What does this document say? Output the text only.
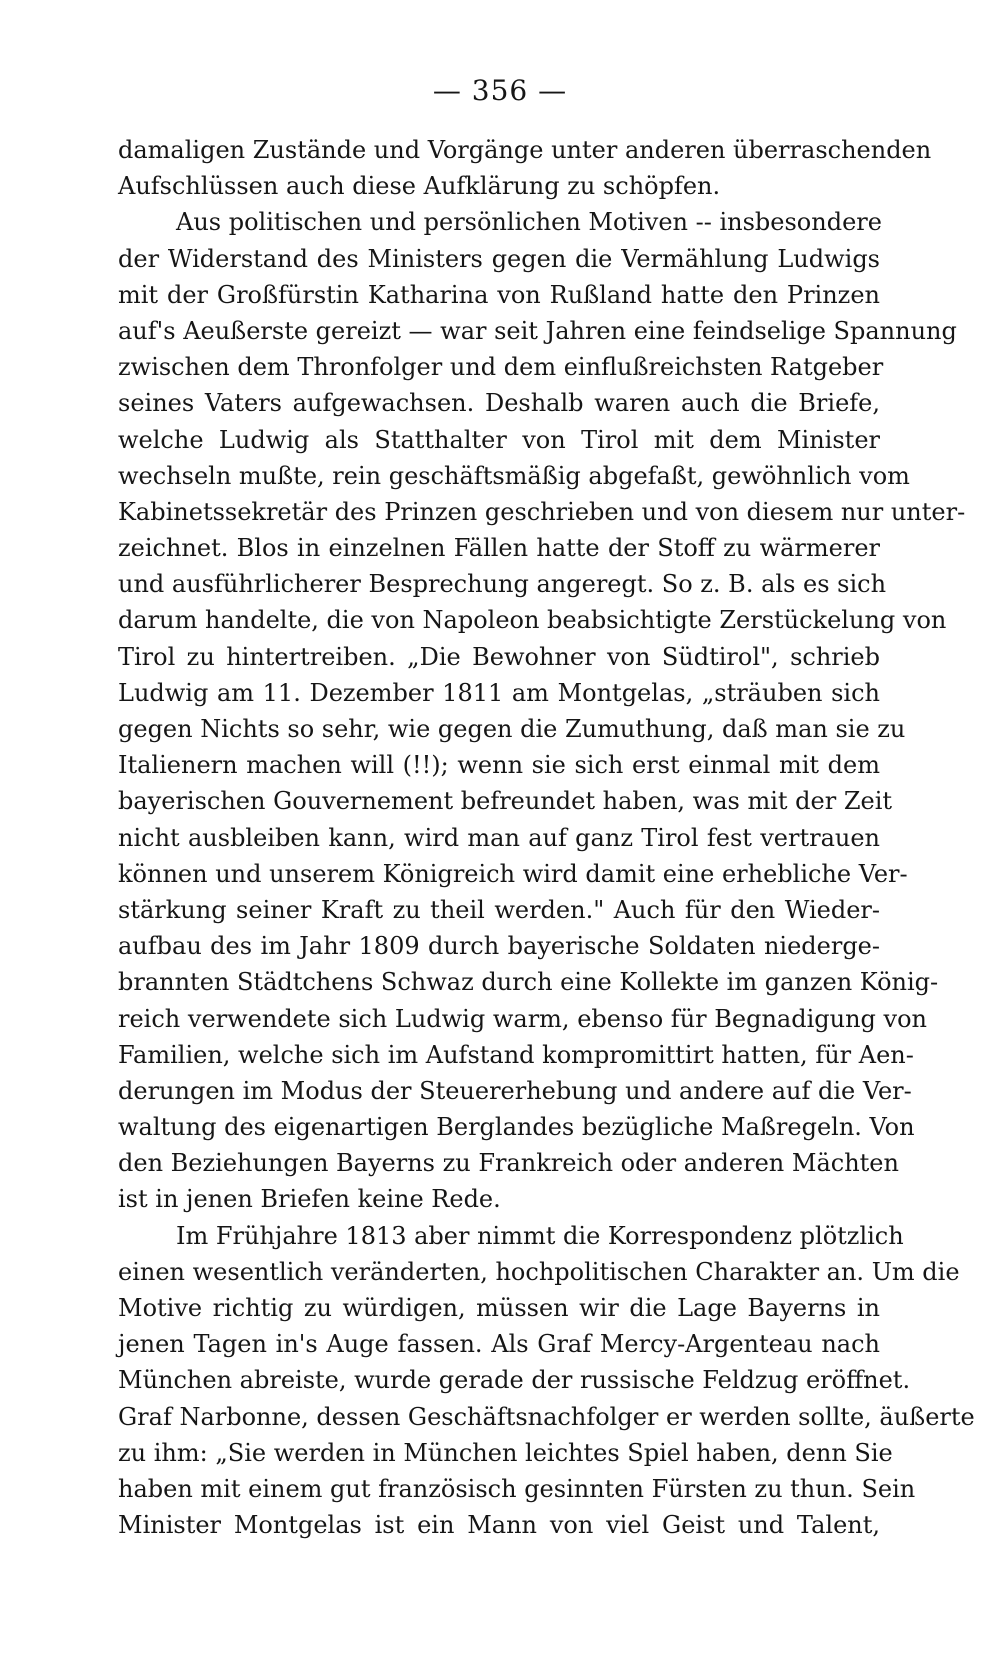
— 356 —
damaligen Zustände und Vorgänge unter anderen überraschenden
Aufschlüssen auch diese Aufklärung zu schöpfen.
Aus politischen und persönlichen Motiven -- insbesondere
der Widerstand des Ministers gegen die Vermählung Ludwigs
mit der Großfürstin Katharina von Rußland hatte den Prinzen
auf's Aeußerste gereizt — war seit Jahren eine feindselige Spannung
zwischen dem Thronfolger und dem einflußreichsten Ratgeber
seines Vaters aufgewachsen. Deshalb waren auch die Briefe,
welche Ludwig als Statthalter von Tirol mit dem Minister
wechseln mußte, rein geschäftsmäßig abgefaßt, gewöhnlich vom
Kabinetssekretär des Prinzen geschrieben und von diesem nur unter-
zeichnet. Blos in einzelnen Fällen hatte der Stoff zu wärmerer
und ausführlicherer Besprechung angeregt. So z. B. als es sich
darum handelte, die von Napoleon beabsichtigte Zerstückelung von
Tirol zu hintertreiben. „Die Bewohner von Südtirol", schrieb
Ludwig am 11. Dezember 1811 am Montgelas, „sträuben sich
gegen Nichts so sehr, wie gegen die Zumuthung, daß man sie zu
Italienern machen will (!!); wenn sie sich erst einmal mit dem
bayerischen Gouvernement befreundet haben, was mit der Zeit
nicht ausbleiben kann, wird man auf ganz Tirol fest vertrauen
können und unserem Königreich wird damit eine erhebliche Ver-
stärkung seiner Kraft zu theil werden." Auch für den Wieder-
aufbau des im Jahr 1809 durch bayerische Soldaten niederge-
brannten Städtchens Schwaz durch eine Kollekte im ganzen König-
reich verwendete sich Ludwig warm, ebenso für Begnadigung von
Familien, welche sich im Aufstand kompromittirt hatten, für Aen-
derungen im Modus der Steuererhebung und andere auf die Ver-
waltung des eigenartigen Berglandes bezügliche Maßregeln. Von
den Beziehungen Bayerns zu Frankreich oder anderen Mächten
ist in jenen Briefen keine Rede.
Im Frühjahre 1813 aber nimmt die Korrespondenz plötzlich
einen wesentlich veränderten, hochpolitischen Charakter an. Um die
Motive richtig zu würdigen, müssen wir die Lage Bayerns in
jenen Tagen in's Auge fassen. Als Graf Mercy-Argenteau nach
München abreiste, wurde gerade der russische Feldzug eröffnet.
Graf Narbonne, dessen Geschäftsnachfolger er werden sollte, äußerte
zu ihm: „Sie werden in München leichtes Spiel haben, denn Sie
haben mit einem gut französisch gesinnten Fürsten zu thun. Sein
Minister Montgelas ist ein Mann von viel Geist und Talent,
